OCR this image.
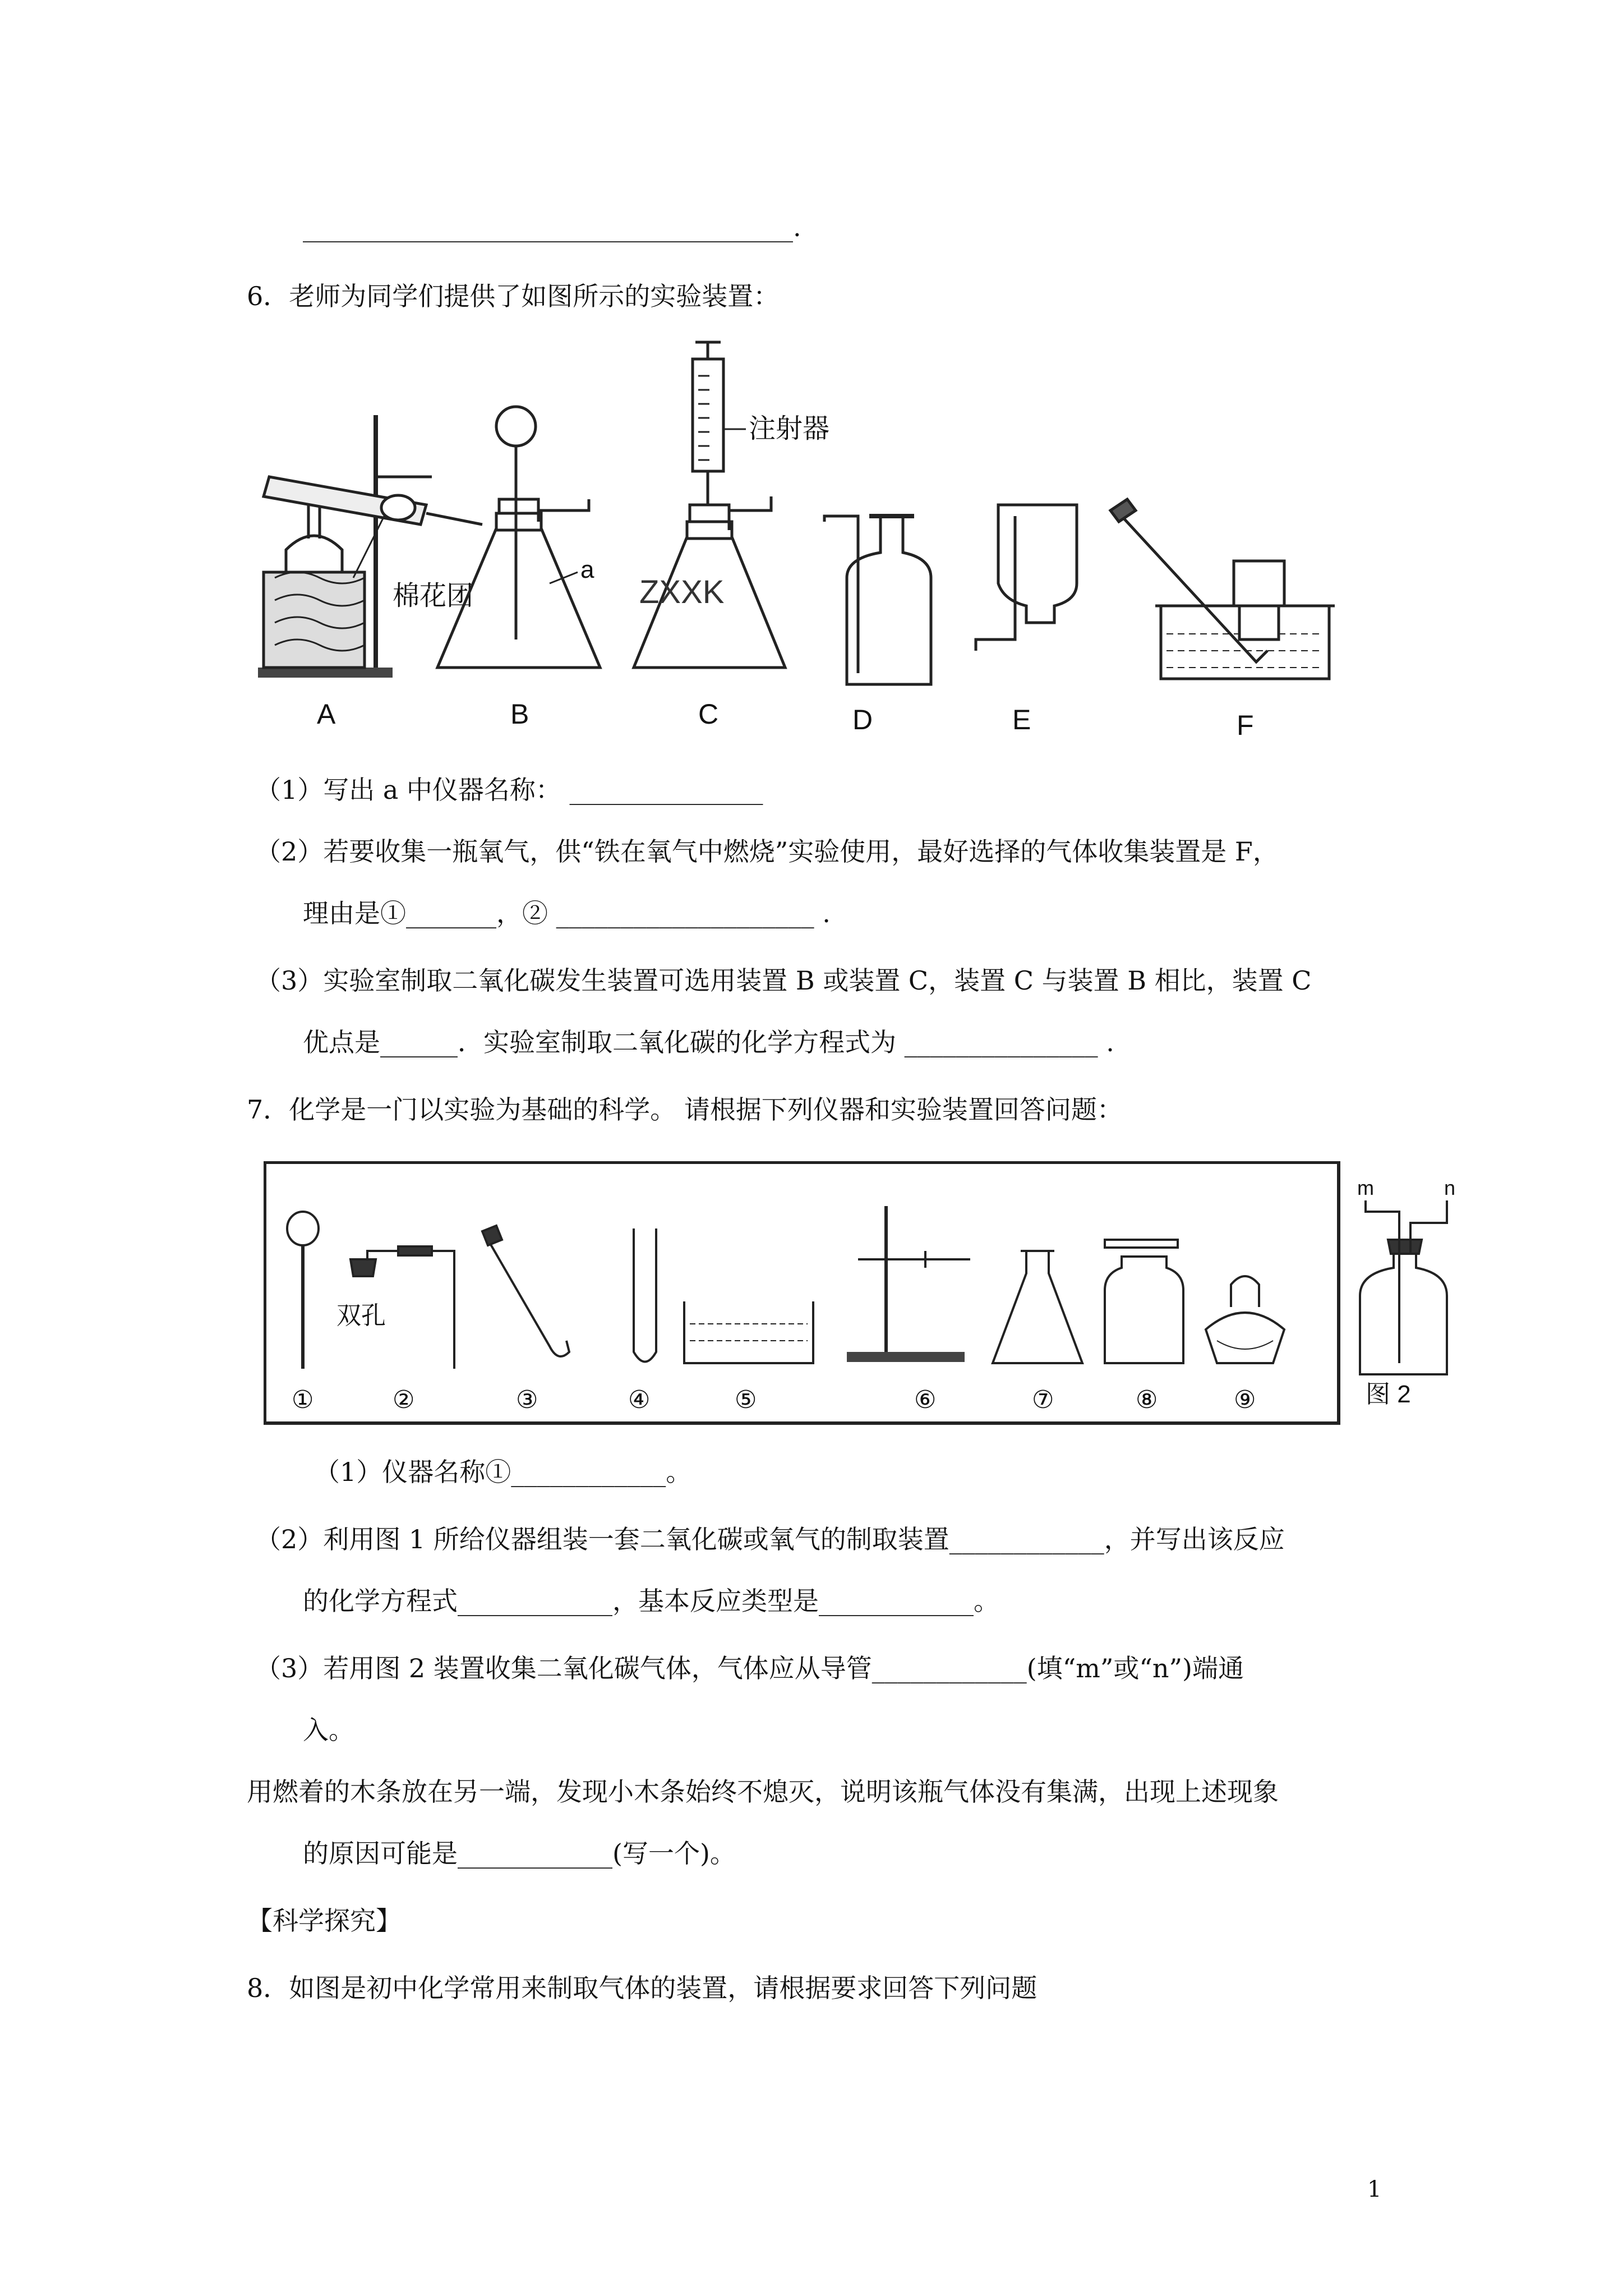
______________________________________.
6．老师为同学们提供了如图所示的实验装置：
棉花团
A
a
B
注射器
ZXXK
C	D	E	F
（1）写出 a 中仪器名称： _______________
（2）若要收集一瓶氧气，供“铁在氧气中燃烧”实验使用，最好选择的气体收集装置是 F，
理由是①_______，② ____________________ .
（3）实验室制取二氧化碳发生装置可选用装置 B 或装置 C，装置 C 与装置 B 相比，装置 C
优点是______．实验室制取二氧化碳的化学方程式为 _______________ .
7．化学是一门以实验为基础的科学。 请根据下列仪器和实验装置回答问题：
①
双孔
②	③	④	⑤	⑥	⑦	⑧	⑨
m	n
图 2
（1）仪器名称①____________。
（2）利用图 1 所给仪器组装一套二氧化碳或氧气的制取装置____________，并写出该反应
的化学方程式____________，基本反应类型是____________。
（3）若用图 2 装置收集二氧化碳气体，气体应从导管____________(填“m”或“n”)端通
入。
用燃着的木条放在另一端，发现小木条始终不熄灭，说明该瓶气体没有集满，出现上述现象
的原因可能是____________(写一个)。
【科学探究】
8．如图是初中化学常用来制取气体的装置，请根据要求回答下列问题
1
